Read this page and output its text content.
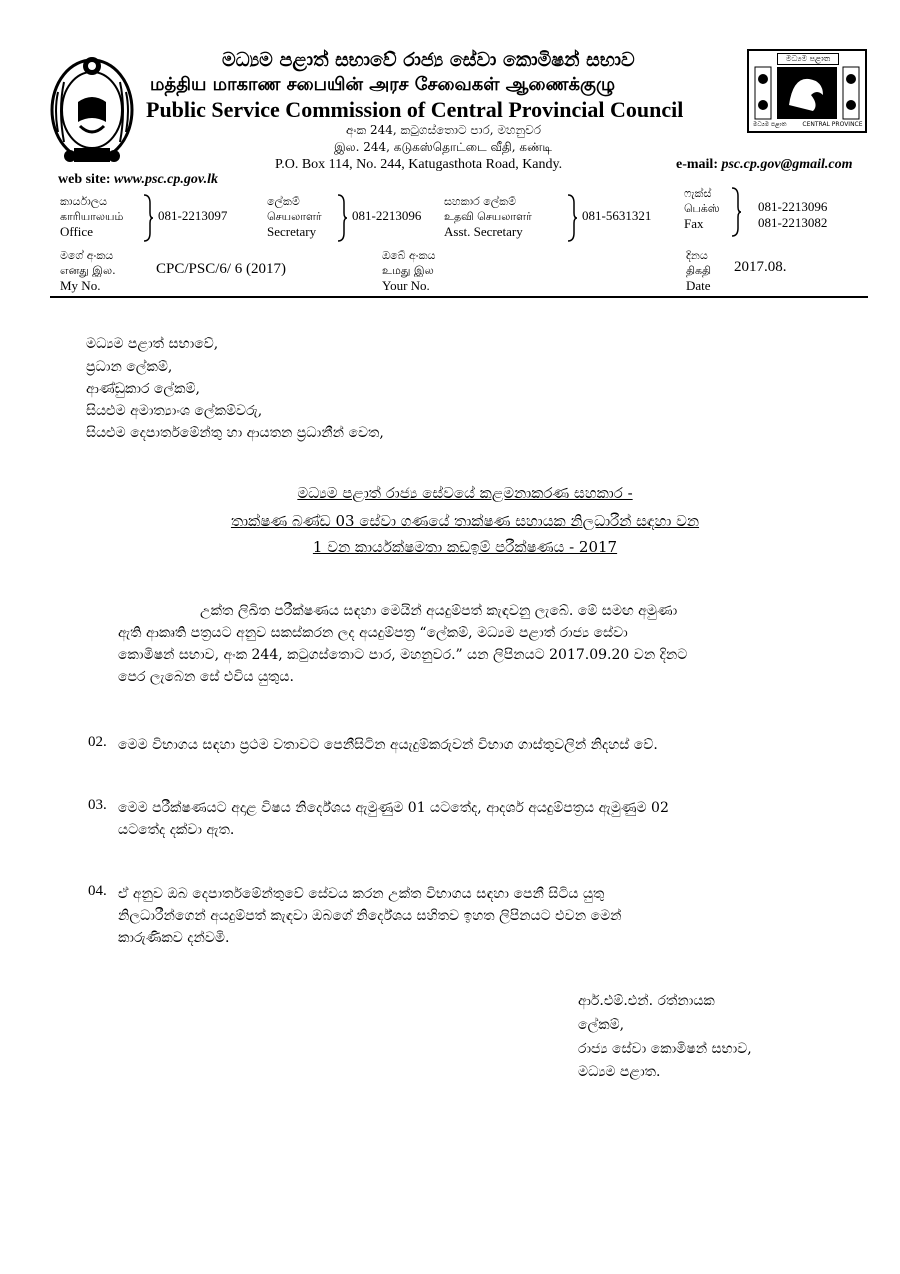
මධ්‍යම පළාත් සභාවේ රාජ්‍ය සේවා කොමිෂන් සභාව
மத்திய மாகாண சபையின் அரச சேவைகள் ஆணைக்குழு
Public Service Commission of Central Provincial Council
මධ්‍යම පළාත
මධ්‍යම පළාත	CENTRAL PROVINCE
අංක 244, කටුගස්තොට පාර, මහනුවර
இல. 244, கடுகஸ்தொட்டை வீதி, கண்டி
P.O. Box 114, No. 244, Katugasthota Road, Kandy.	e-mail: psc.cp.gov@gmail.com
web site: www.psc.cp.gov.lk
කාර්යාලය
காரியாலயம்
Office
081-2213097
ලේකම්
செயலாளர்
Secretary
081-2213096
සහකාර ලේකම්
உதவி செயலாளர்
Asst. Secretary
081-5631321
ෆැක්ස්
பெக்ஸ்
Fax
081-2213096
081-2213082
මගේ අංකය
எனது இல.
My No.
CPC/PSC/6/ 6 (2017)
ඔබේ අංකය
உமது இல
Your No.
දිනය
திகதி
Date
2017.08.
මධ්‍යම පළාත් සභාවේ,
ප්‍රධාන ලේකම්,
ආණ්ඩුකාර ලේකම්,
සියළුම අමාත්‍යාංශ ලේකම්වරු,
සියළුම දෙපාර්තමේන්තු හා ආයතන ප්‍රධානීන් වෙත,
මධ්‍යම පළාත් රාජ්‍ය සේවයේ කළමනාකරණ සහකාර -
තාක්ෂණ බණ්ඩ 03 සේවා ගණයේ තාක්ෂණ සහායක නිලධාරීන් සඳහා වන
1 වන කාර්යක්ෂමතා කඩඉම් පරීක්ෂණය - 2017
උක්ත ලිඛිත පරීක්ෂණය සඳහා මෙයින් අයදුම්පත් කැඳවනු ලැබේ. මේ සමඟ අමුණා
ඇති ආකෘති පත්‍රයට අනුව සකස්කරන ලද අයදුම්පත්‍ර “ලේකම්, මධ්‍යම පළාත් රාජ්‍ය සේවා
කොමිෂන් සභාව, අංක 244, කටුගස්තොට පාර, මහනුවර.” යන ලිපිනයට 2017.09.20 වන දිනට
පෙර ලැබෙන සේ එවිය යුතුය.
02. මෙම විභාගය සඳහා ප්‍රථම වතාවට පෙනීසිටින අයැදුම්කරුවන් විභාග ගාස්තුවලින් නිදහස් වේ.
03. මෙම පරීක්ෂණයට අදාළ විෂය නිර්දේශය ඇමුණුම 01 යටතේද, ආදර්ශ අයදුම්පත්‍රය ඇමුණුම 02
යටතේද දක්වා ඇත.
04. ඒ අනුව ඔබ දෙපාර්තමේන්තුවේ සේවය කරන උක්ත විභාගය සඳහා පෙනී සිටිය යුතු
නිලධාරීන්ගෙන් අයදුම්පත් කැඳවා ඔබගේ නිර්දේශය සහිතව ඉහත ලිපිනයට එවන මෙන්
කාරුණිකව දන්වමි.
ආර්.එම්.එන්. රත්නායක
ලේකම්,
රාජ්‍ය සේවා කොමිෂන් සභාව,
මධ්‍යම පළාත.
